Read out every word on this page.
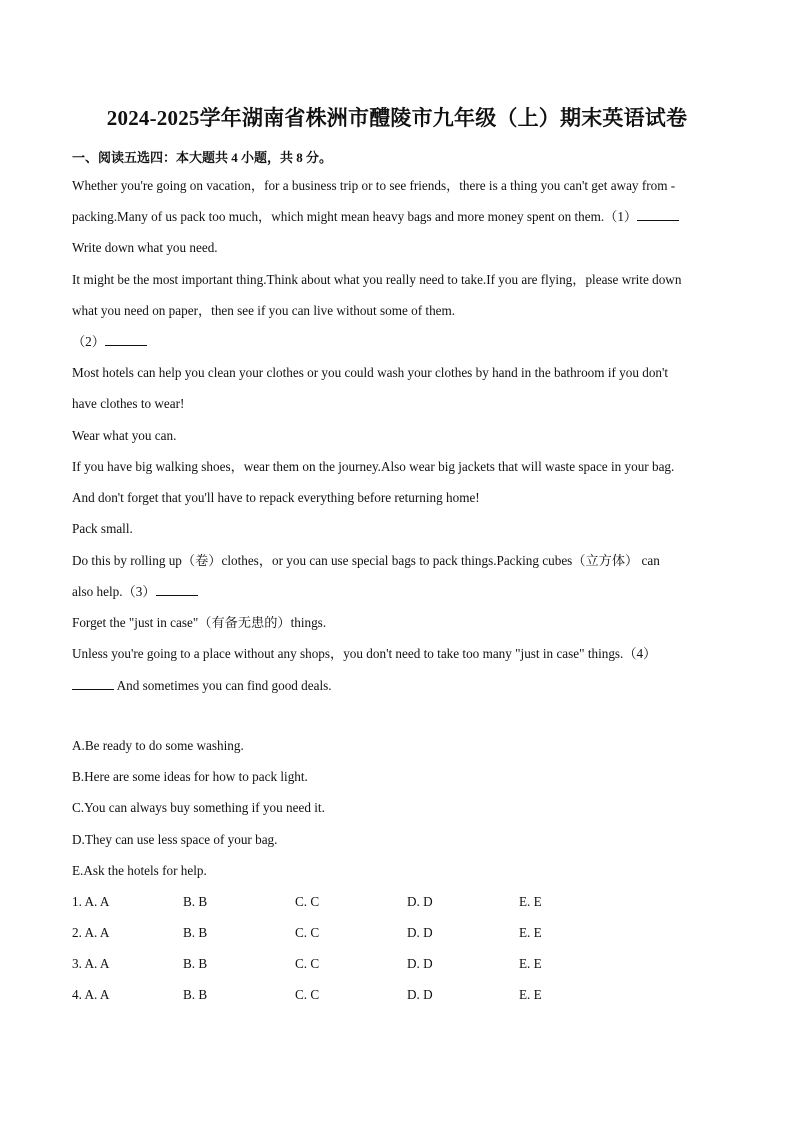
2024-2025学年湖南省株洲市醴陵市九年级（上）期末英语试卷
一、阅读五选四：本大题共 4 小题，共 8 分。
Whether you're going on vacation，for a business trip or to see friends，there is a thing you can't get away from -
packing.Many of us pack too much，which might mean heavy bags and more money spent on them.（1）
Write down what you need.
It might be the most important thing.Think about what you really need to take.If you are flying，please write down
what you need on paper，then see if you can live without some of them.
（2）
Most hotels can help you clean your clothes or you could wash your clothes by hand in the bathroom if you don't
have clothes to wear!
Wear what you can.
If you have big walking shoes，wear them on the journey.Also wear big jackets that will waste space in your bag.
And don't forget that you'll have to repack everything before returning home!
Pack small.
Do this by rolling up（卷）clothes，or you can use special bags to pack things.Packing cubes（立方体） can
also help.（3）
Forget the "just in case"（有备无患的）things.
Unless you're going to a place without any shops，you don't need to take too many "just in case" things.（4）
And sometimes you can find good deals.
A.Be ready to do some washing.
B.Here are some ideas for how to pack light.
C.You can always buy something if you need it.
D.They can use less space of your bag.
E.Ask the hotels for help.
1. A. A	B. B	C. C	D. D	E. E
2. A. A	B. B	C. C	D. D	E. E
3. A. A	B. B	C. C	D. D	E. E
4. A. A	B. B	C. C	D. D	E. E
